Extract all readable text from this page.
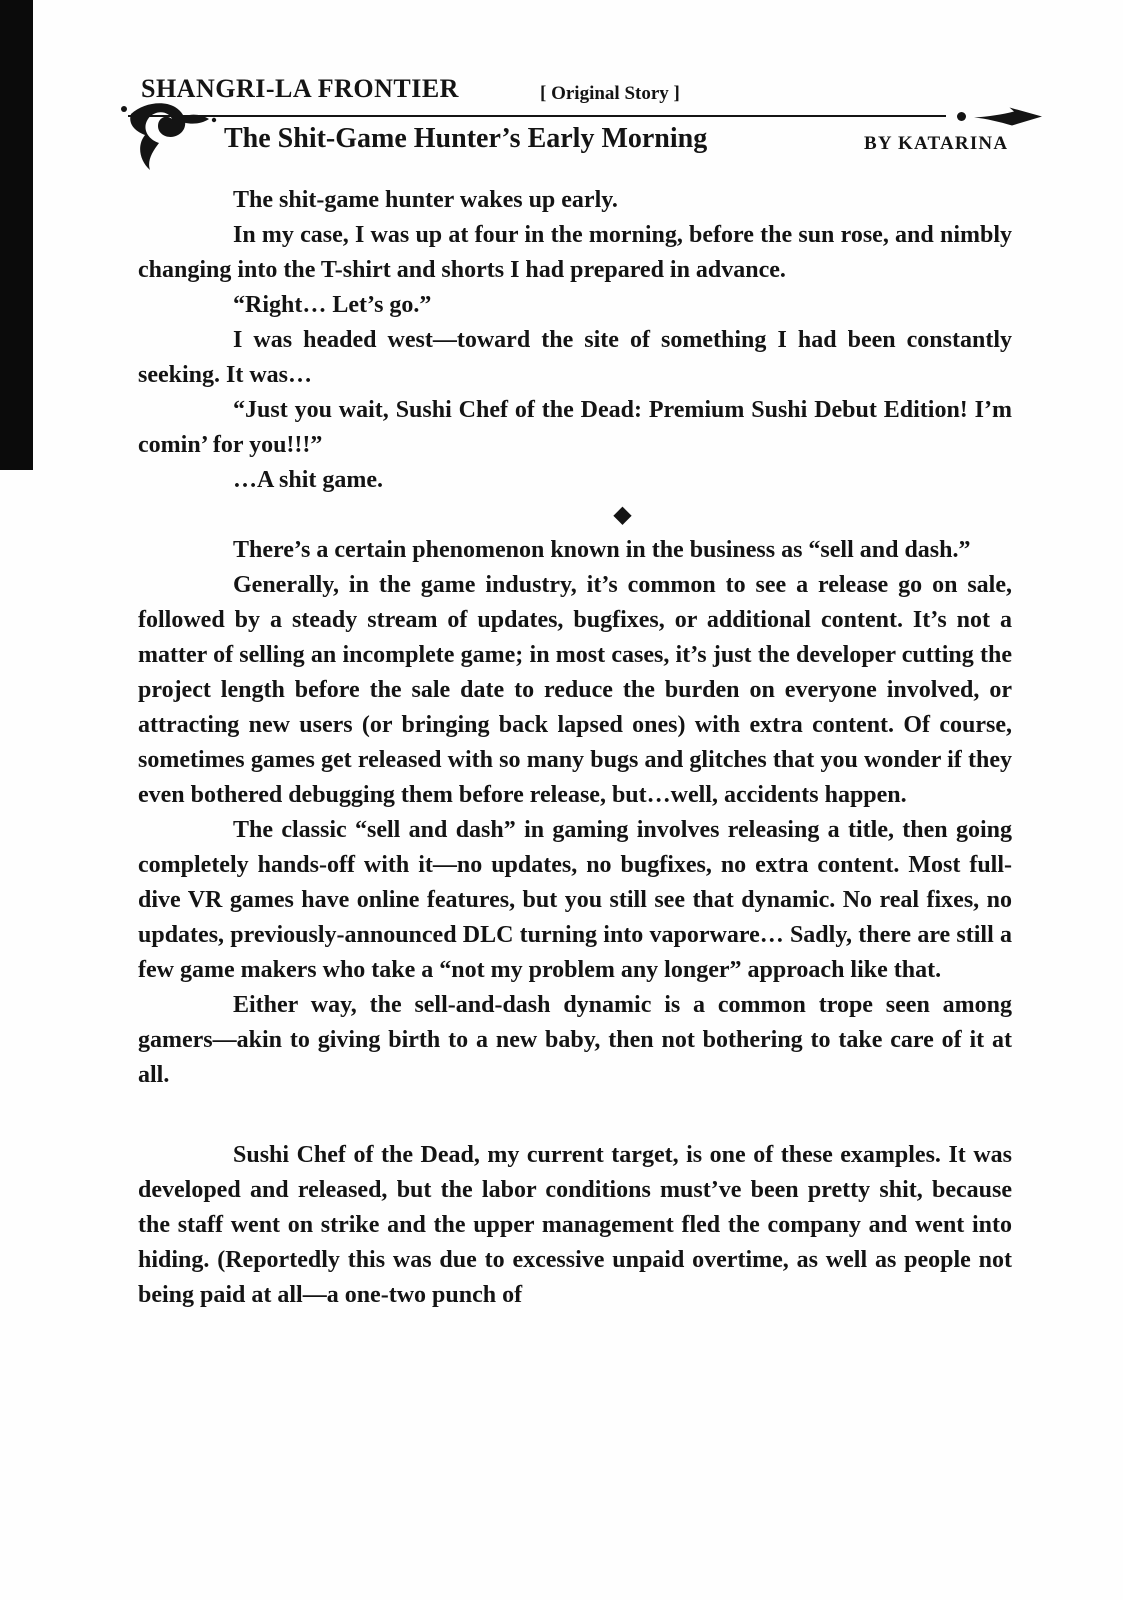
SHANGRI-LA FRONTIER	[ Original Story ]
The Shit-Game Hunter’s Early Morning	BY KATARINA

The shit-game hunter wakes up early.

In my case, I was up at four in the morning, before the sun rose, and nimbly changing into the T-shirt and shorts I had prepared in advance.

“Right… Let’s go.”

I was headed west—toward the site of something I had been constantly seeking. It was…

“Just you wait, Sushi Chef of the Dead: Premium Sushi Debut Edition! I’m comin’ for you!!!”

…A shit game.

◆

There’s a certain phenomenon known in the business as “sell and dash.”

Generally, in the game industry, it’s common to see a release go on sale, followed by a steady stream of updates, bugfixes, or additional content. It’s not a matter of selling an incomplete game; in most cases, it’s just the developer cutting the project length before the sale date to reduce the burden on everyone involved, or attracting new users (or bringing back lapsed ones) with extra content. Of course, sometimes games get released with so many bugs and glitches that you wonder if they even bothered debugging them before release, but…well, accidents happen.

The classic “sell and dash” in gaming involves releasing a title, then going completely hands-off with it—no updates, no bugfixes, no extra content. Most full-dive VR games have online features, but you still see that dynamic. No real fixes, no updates, previously-announced DLC turning into vaporware… Sadly, there are still a few game makers who take a “not my problem any longer” approach like that.

Either way, the sell-and-dash dynamic is a common trope seen among gamers—akin to giving birth to a new baby, then not bothering to take care of it at all.

Sushi Chef of the Dead, my current target, is one of these examples. It was developed and released, but the labor conditions must’ve been pretty shit, because the staff went on strike and the upper management fled the company and went into hiding. (Reportedly this was due to excessive unpaid overtime, as well as people not being paid at all—a one-two punch of
